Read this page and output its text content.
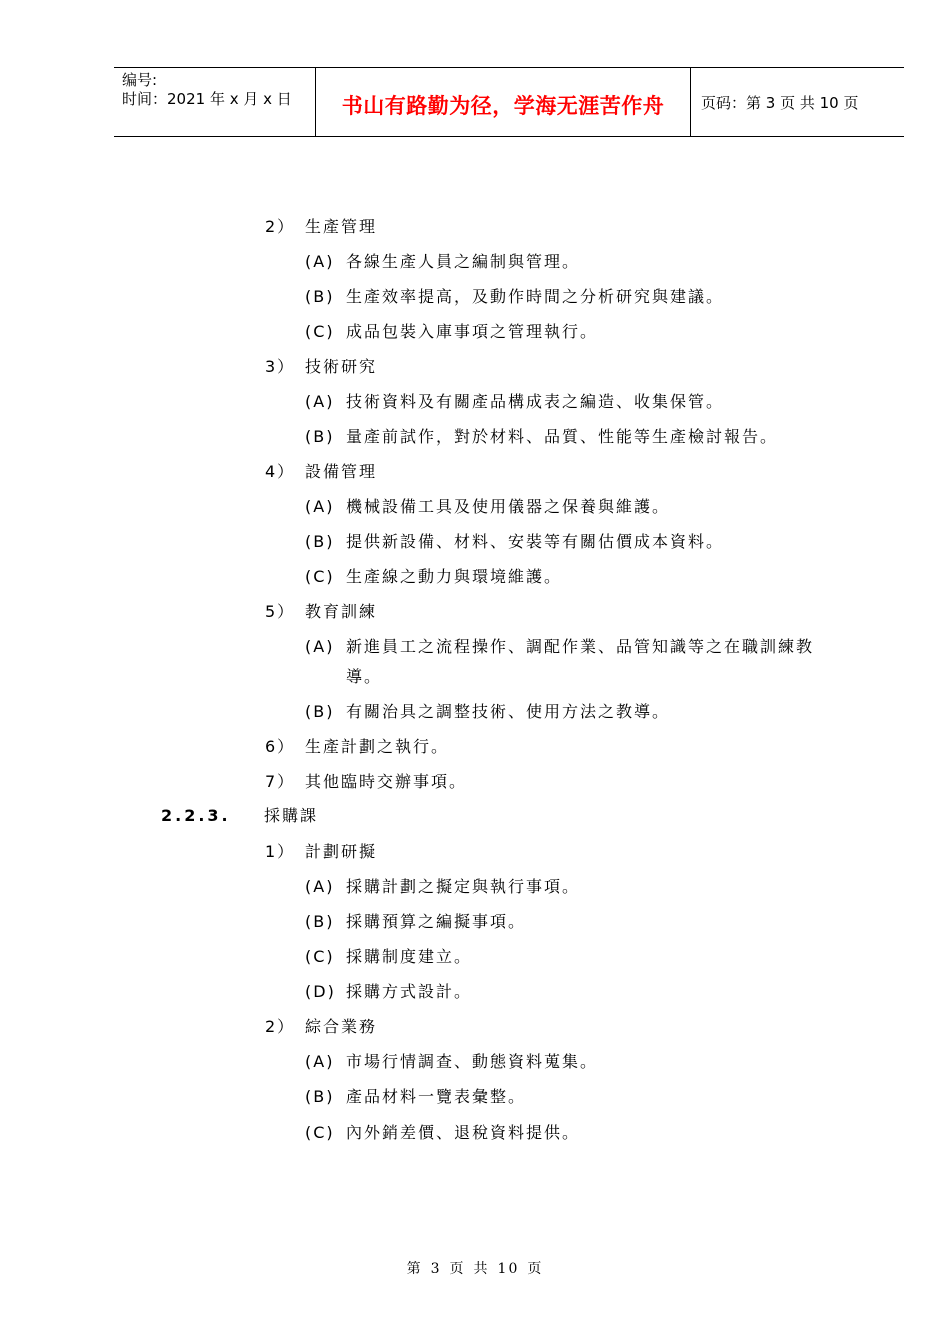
编号:
时间：2021 年 x 月 x 日	书山有路勤为径，学海无涯苦作舟	页码：第 3 页 共 10 页
2） 生產管理
(A) 各線生產人員之編制與管理。
(B) 生產效率提高，及動作時間之分析研究與建議。
(C) 成品包裝入庫事項之管理執行。
3） 技術研究
(A) 技術資料及有關產品構成表之編造、收集保管。
(B) 量產前試作，對於材料、品質、性能等生產檢討報告。
4） 設備管理
(A) 機械設備工具及使用儀器之保養與維護。
(B) 提供新設備、材料、安裝等有關估價成本資料。
(C) 生產線之動力與環境維護。
5） 教育訓練
(A) 新進員工之流程操作、調配作業、品管知識等之在職訓練教
導。
(B) 有關治具之調整技術、使用方法之教導。
6） 生產計劃之執行。
7） 其他臨時交辦事項。
2.2.3. 採購課
1） 計劃研擬
(A) 採購計劃之擬定與執行事項。
(B) 採購預算之編擬事項。
(C) 採購制度建立。
(D) 採購方式設計。
2） 綜合業務
(A) 市場行情調查、動態資料蒐集。
(B) 產品材料一覽表彙整。
(C) 內外銷差價、退稅資料提供。
第 3 页 共 10 页
